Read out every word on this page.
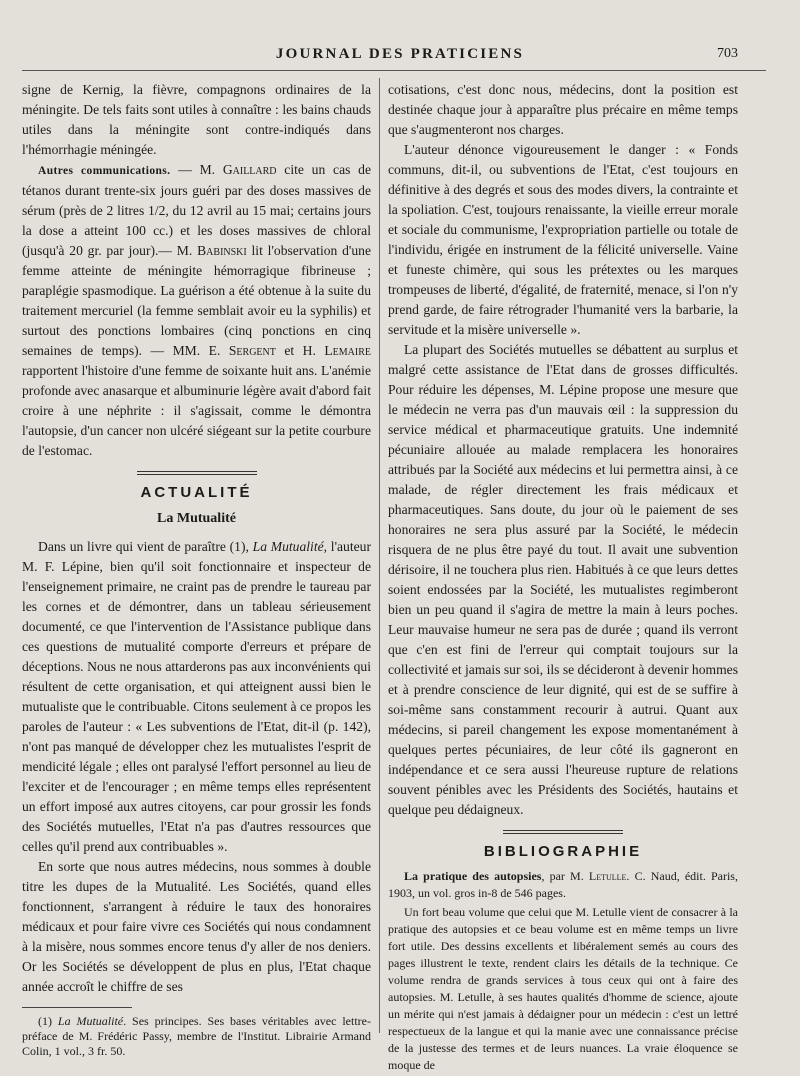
JOURNAL DES PRATICIENS	703

signe de Kernig, la fièvre, compagnons ordinaires de la méningite. De tels faits sont utiles à connaître : les bains chauds utiles dans la méningite sont contre-indiqués dans l'hémorrhagie méningée.

Autres communications. — M. Gaillard cite un cas de tétanos durant trente-six jours guéri par des doses massives de sérum (près de 2 litres 1/2, du 12 avril au 15 mai; certains jours la dose a atteint 100 cc.) et les doses massives de chloral (jusqu'à 20 gr. par jour).— M. Babinski lit l'observation d'une femme atteinte de méningite hémorragique fibrineuse ; paraplégie spasmodique. La guérison a été obtenue à la suite du traitement mercuriel (la femme semblait avoir eu la syphilis) et surtout des ponctions lombaires (cinq ponctions en cinq semaines de temps). — MM. E. Sergent et H. Lemaire rapportent l'histoire d'une femme de soixante huit ans. L'anémie profonde avec anasarque et albuminurie légère avait d'abord fait croire à une néphrite : il s'agissait, comme le démontra l'autopsie, d'un cancer non ulcéré siégeant sur la petite courbure de l'estomac.

ACTUALITÉ
La Mutualité

Dans un livre qui vient de paraître (1), La Mutualité, l'auteur M. F. Lépine, bien qu'il soit fonctionnaire et inspecteur de l'enseignement primaire, ne craint pas de prendre le taureau par les cornes et de démontrer, dans un tableau sérieusement documenté, ce que l'intervention de l'Assistance publique dans ces questions de mutualité comporte d'erreurs et prépare de déceptions. Nous ne nous attarderons pas aux inconvénients qui résultent de cette organisation, et qui atteignent aussi bien le mutualiste que le contribuable. Citons seulement à ce propos les paroles de l'auteur : « Les subventions de l'Etat, dit-il (p. 142), n'ont pas manqué de développer chez les mutualistes l'esprit de mendicité légale ; elles ont paralysé l'effort personnel au lieu de l'exciter et de l'encourager ; en même temps elles représentent un effort imposé aux autres citoyens, car pour grossir les fonds des Sociétés mutuelles, l'Etat n'a pas d'autres ressources que celles qu'il prend aux contribuables ».

En sorte que nous autres médecins, nous sommes à double titre les dupes de la Mutualité. Les Sociétés, quand elles fonctionnent, s'arrangent à réduire le taux des honoraires médicaux et pour faire vivre ces Sociétés qui nous condamnent à la misère, nous sommes encore tenus d'y aller de nos deniers. Or les Sociétés se développent de plus en plus, l'Etat chaque année accroît le chiffre de ses

(1) La Mutualité. Ses principes. Ses bases véritables avec lettre-préface de M. Frédéric Passy, membre de l'Institut. Librairie Armand Colin, 1 vol., 3 fr. 50.

cotisations, c'est donc nous, médecins, dont la position est destinée chaque jour à apparaître plus précaire en même temps que s'augmenteront nos charges.

L'auteur dénonce vigoureusement le danger : « Fonds communs, dit-il, ou subventions de l'Etat, c'est toujours en définitive à des degrés et sous des modes divers, la contrainte et la spoliation. C'est, toujours renaissante, la vieille erreur morale et sociale du communisme, l'expropriation partielle ou totale de l'individu, érigée en instrument de la félicité universelle. Vaine et funeste chimère, qui sous les prétextes ou les marques trompeuses de liberté, d'égalité, de fraternité, menace, si l'on n'y prend garde, de faire rétrograder l'humanité vers la barbarie, la servitude et la misère universelle ».

La plupart des Sociétés mutuelles se débattent au surplus et malgré cette assistance de l'Etat dans de grosses difficultés. Pour réduire les dépenses, M. Lépine propose une mesure que le médecin ne verra pas d'un mauvais œil : la suppression du service médical et pharmaceutique gratuits. Une indemnité pécuniaire allouée au malade remplacera les honoraires attribués par la Société aux médecins et lui permettra ainsi, à ce malade, de régler directement les frais médicaux et pharmaceutiques. Sans doute, du jour où le paiement de ses honoraires ne sera plus assuré par la Société, le médecin risquera de ne plus être payé du tout. Il avait une subvention dérisoire, il ne touchera plus rien. Habitués à ce que leurs dettes soient endossées par la Société, les mutualistes regimberont bien un peu quand il s'agira de mettre la main à leurs poches. Leur mauvaise humeur ne sera pas de durée ; quand ils verront que c'en est fini de l'erreur qui comptait toujours sur la collectivité et jamais sur soi, ils se décideront à devenir hommes et à prendre conscience de leur dignité, qui est de se suffire à soi-même sans constamment recourir à autrui. Quant aux médecins, si pareil changement les expose momentanément à quelques pertes pécuniaires, de leur côté ils gagneront en indépendance et ce sera aussi l'heureuse rupture de relations souvent pénibles avec les Présidents des Sociétés, hautains et quelque peu dédaigneux.

BIBLIOGRAPHIE

La pratique des autopsies, par M. Letulle. C. Naud, édit. Paris, 1903, un vol. gros in-8 de 546 pages.

Un fort beau volume que celui que M. Letulle vient de consacrer à la pratique des autopsies et ce beau volume est en même temps un livre fort utile. Des dessins excellents et libéralement semés au cours des pages illustrent le texte, rendent clairs les détails de la technique. Ce volume rendra de grands services à tous ceux qui ont à faire des autopsies. M. Letulle, à ses hautes qualités d'homme de science, ajoute un mérite qui n'est jamais à dédaigner pour un médecin : c'est un lettré respectueux de la langue et qui la manie avec une connaissance précise de la justesse des termes et de leurs nuances. La vraie éloquence se moque de
